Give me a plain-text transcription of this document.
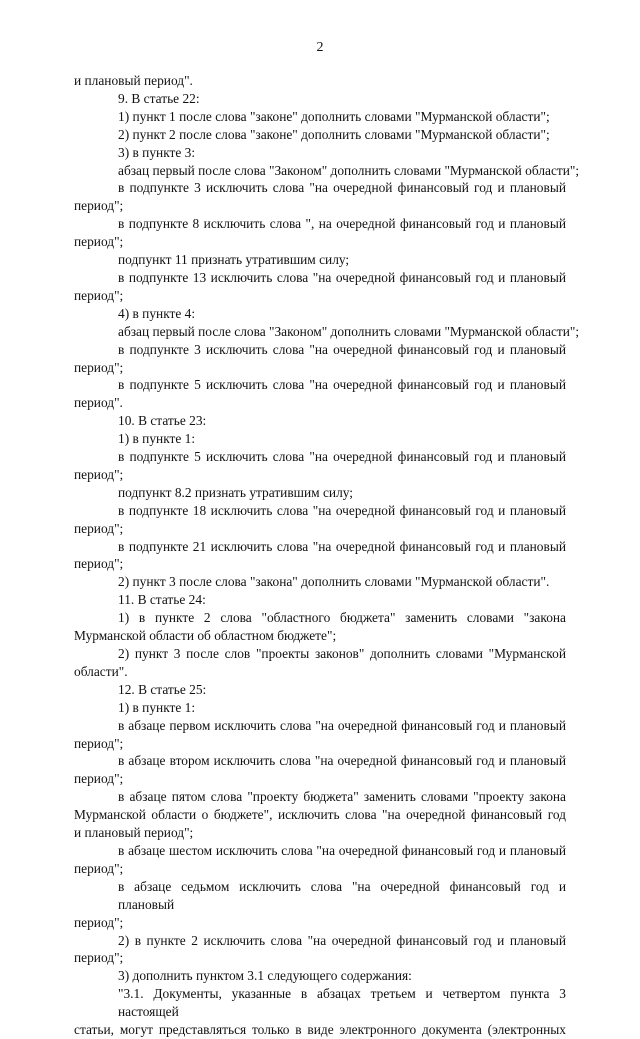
2
и плановый период".
9. В статье 22:
1) пункт 1 после слова "законе" дополнить словами "Мурманской области";
2) пункт 2 после слова "законе" дополнить словами "Мурманской области";
3) в пункте 3:
абзац первый после слова "Законом" дополнить словами "Мурманской области";
в подпункте 3 исключить слова "на очередной финансовый год и плановый
период";
в подпункте 8 исключить слова ", на очередной финансовый год и плановый
период";
подпункт 11 признать утратившим силу;
в подпункте 13 исключить слова "на очередной финансовый год и плановый
период";
4) в пункте 4:
абзац первый после слова "Законом" дополнить словами "Мурманской области";
в подпункте 3 исключить слова "на очередной финансовый год и плановый
период";
в подпункте 5 исключить слова "на очередной финансовый год и плановый
период".
10. В статье 23:
1) в пункте 1:
в подпункте 5 исключить слова "на очередной финансовый год и плановый
период";
подпункт 8.2 признать утратившим силу;
в подпункте 18 исключить слова "на очередной финансовый год и плановый
период";
в подпункте 21 исключить слова "на очередной финансовый год и плановый
период";
2) пункт 3 после слова "закона" дополнить словами "Мурманской области".
11. В статье 24:
1) в пункте 2 слова "областного бюджета" заменить словами "закона
Мурманской области об областном бюджете";
2) пункт 3 после слов "проекты законов" дополнить словами "Мурманской
области".
12. В статье 25:
1) в пункте 1:
в абзаце первом исключить слова "на очередной финансовый год и плановый
период";
в абзаце втором исключить слова "на очередной финансовый год и плановый
период";
в абзаце пятом слова "проекту бюджета" заменить словами "проекту закона
Мурманской области о бюджете", исключить слова "на очередной финансовый год
и плановый период";
в абзаце шестом исключить слова "на очередной финансовый год и плановый
период";
в абзаце седьмом исключить слова "на очередной финансовый год и плановый
период";
2) в пункте 2 исключить слова "на очередной финансовый год и плановый
период";
3) дополнить пунктом 3.1 следующего содержания:
"3.1. Документы, указанные в абзацах третьем и четвертом пункта 3 настоящей
статьи, могут представляться только в виде электронного документа (электронных
